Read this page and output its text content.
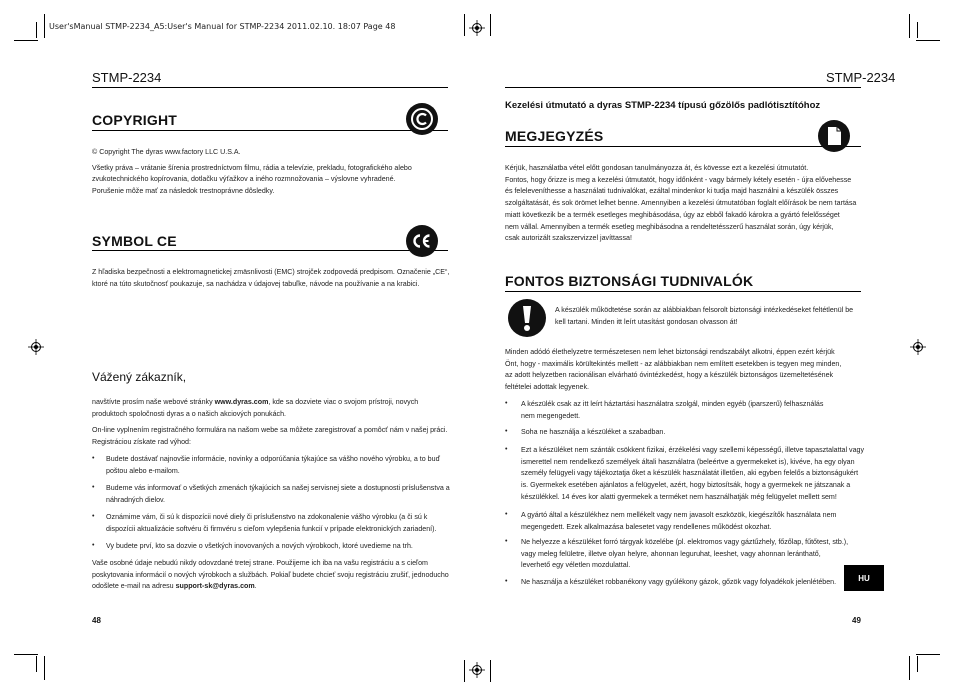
User'sManual STMP-2234_A5:User's Manual for STMP-2234 2011.02.10. 18:07 Page 48
STMP-2234
COPYRIGHT
© Copyright The dyras www.factory LLC U.S.A.
Všetky práva – vrátanie šírenia prostredníctvom filmu, rádia a televízie, prekladu, fotografického alebo
zvukotechnického kopírovania, dotlačku výťažkov a iného rozmnožovania – výslovne vyhradené.
Porušenie môže mať za následok trestnoprávne dôsledky.
SYMBOL CE
Z hľadiska bezpečnosti a elektromagnetickej zmäsnlivosti (EMC) strojček zodpovedá predpisom. Označenie „CE“,
ktoré na túto skutočnosť poukazuje, sa nachádza v údajovej tabuľke, návode na používanie a na krabici.
Vážený zákazník,
navštívte prosím naše webové stránky www.dyras.com, kde sa dozviete viac o svojom prístroji, novych
produktoch spoločnosti dyras a o našich akciových ponukách.
On-line vyplnením registračného formulára na našom webe sa môžete zaregistrovať a pomôcť nám v našej práci.
Registráciou získate rad výhod:
• Budete dostávať najnovšie informácie, novinky a odporúčania týkajúce sa vášho nového výrobku, a to buď
poštou alebo e-mailom.
• Budeme vás informovať o všetkých zmenách týkajúcich sa našej servisnej siete a dostupnosti príslušenstva a
náhradných dielov.
• Oznámime vám, či sú k dispozícii nové diely či príslušenstvo na zdokonalenie vášho výrobku (a či sú k
dispozícii aktualizácie softvéru či firmvéru s cieľom vylepšenia funkcií v prípade elektronických zariadení).
• Vy budete prví, kto sa dozvie o všetkých inovovaných a nových výrobkoch, ktoré uvedieme na trh.
Vaše osobné údaje nebudú nikdy odovzdané tretej strane. Použijeme ich iba na vašu registráciu a s cieľom
poskytovania informácií o nových výrobkoch a službách. Pokiaľ budete chcieť svoju registráciu zrušiť, jednoducho
odošlete e-mail na adresu support-sk@dyras.com.
48
STMP-2234
Kezelési útmutató a dyras STMP-2234 típusú gőzölős padlótisztítóhoz
MEGJEGYZÉS
Kérjük, használatba vétel előtt gondosan tanulmányozza át, és kövesse ezt a kezelési útmutatót.
Fontos, hogy őrizze is meg a kezelési útmutatót, hogy időnként - vagy bármely kétely esetén - újra elővehesse
és feleleveníthesse a használati tudnivalókat, ezáltal mindenkor ki tudja majd használni a készülék összes
szolgáltatását, és sok örömet lelhet benne. Amennyiben a kezelési útmutatóban foglalt előírások be nem tartása
miatt következik be a termék esetleges meghibásodása, úgy az ebből fakadó károkra a gyártó felelősséget
nem vállal. Amennyiben a termék esetleg meghibásodna a rendeltetésszerű használat során, úgy kérjük,
csak autorizált szakszervizzel javíttassa!
FONTOS BIZTONSÁGI TUDNIVALÓK
A készülék működtetése során az alábbiakban felsorolt biztonsági intézkedéseket feltétlenül be
kell tartani. Minden itt leírt utasítást gondosan olvasson át!
Minden adódó élethelyzetre természetesen nem lehet biztonsági rendszabályt alkotni, éppen ezért kérjük
Önt, hogy - maximális körültekintés mellett - az alábbiakban nem említett esetekben is tegyen meg minden,
az adott helyzetben racionálisan elvárható óvintézkedést, hogy a készülék biztonságos üzemeltetésének
feltételei adottak legyenek.
• A készülék csak az itt leírt háztartási használatra szolgál, minden egyéb (iparszerű) felhasználás
nem megengedett.
• Soha ne használja a készüléket a szabadban.
• Ezt a készüléket nem szánták csökkent fizikai, érzékelési vagy szellemi képességű, illetve tapasztalattal vagy
ismerettel nem rendelkező személyek általi használatra (beleértve a gyermekeket is), kivéve, ha egy olyan
személy felügyeli vagy tájékoztatja őket a készülék használatát illetően, aki egyben felelős a biztonságukért
is. Gyermekek esetében ajánlatos a felügyelet, azért, hogy biztosítsák, hogy a gyermekek ne játszanak a
készülékkel. 14 éves kor alatti gyermekek a terméket nem használhatják még felügyelet mellett sem!
• A gyártó által a készülékhez nem mellékelt vagy nem javasolt eszközök, kiegészítők használata nem
megengedett. Ezek alkalmazása balesetet vagy rendellenes működést okozhat.
• Ne helyezze a készüléket forró tárgyak közelébe (pl. elektromos vagy gáztűzhely, főzőlap, fűtőtest, stb.),
vagy meleg felületre, illetve olyan helyre, ahonnan leguruhat, leeshet, vagy ahonnan leránthatő,
leverhető egy véletlen mozdulattal.
• Ne használja a készüléket robbanékony vagy gyúlékony gázok, gőzök vagy folyadékok jelenlétében.	HU
49
